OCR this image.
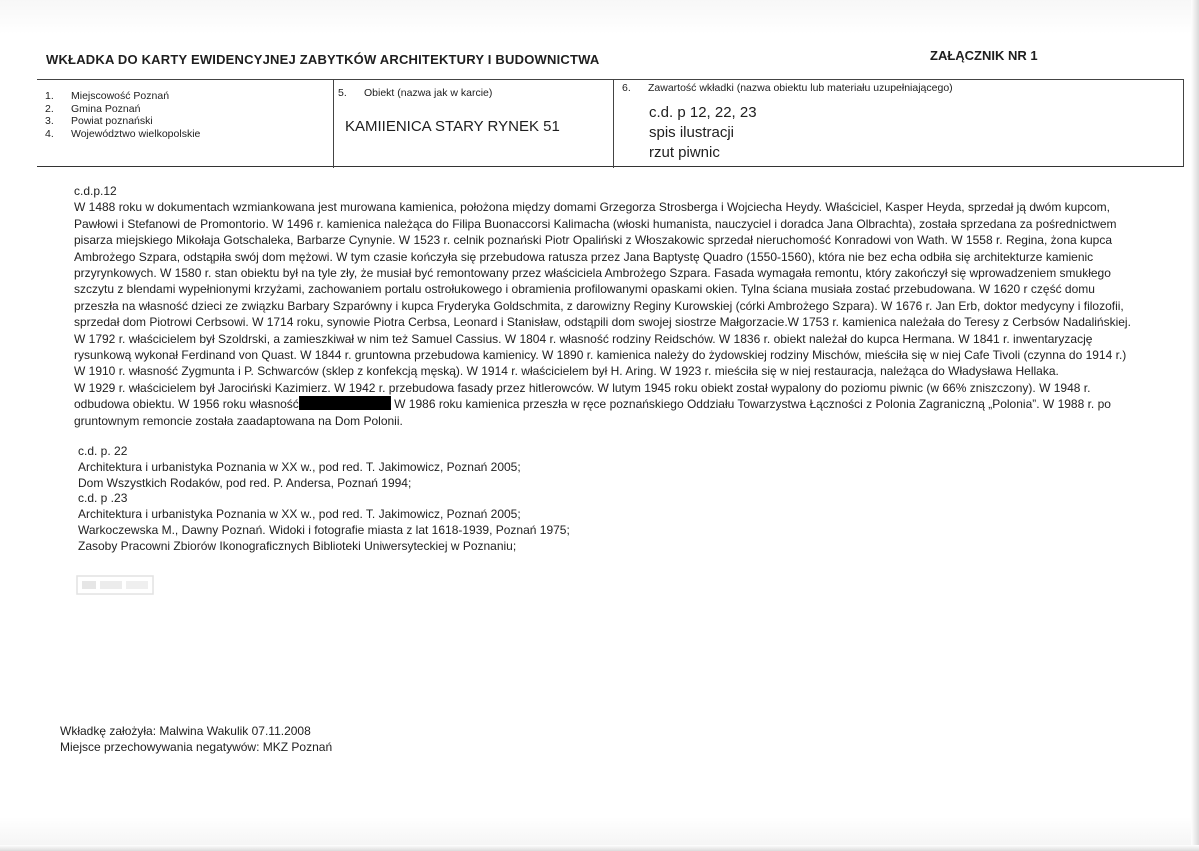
WKŁADKA DO KARTY EWIDENCYJNEJ ZABYTKÓW ARCHITEKTURY I BUDOWNICTWA	ZAŁĄCZNIK NR 1
1. Miejscowość Poznań
2. Gmina Poznań
3. Powiat poznański
4. Województwo wielkopolskie
5. Obiekt (nazwa jak w karcie)
KAMIIENICA STARY RYNEK 51
6. Zawartość wkładki (nazwa obiektu lub materiału uzupełniającego)
c.d. p 12, 22, 23
spis ilustracji
rzut piwnic
c.d.p.12
W 1488 roku w dokumentach wzmiankowana jest murowana kamienica, położona między domami Grzegorza Strosberga i Wojciecha Heydy. Właściciel, Kasper Heyda, sprzedał ją dwóm kupcom,
Pawłowi i Stefanowi de Promontorio. W 1496 r. kamienica należąca do Filipa Buonaccorsi Kalimacha (włoski humanista, nauczyciel i doradca Jana Olbrachta), została sprzedana za pośrednictwem
pisarza miejskiego Mikołaja Gotschaleka, Barbarze Cynynie. W 1523 r. celnik poznański Piotr Opaliński z Włoszakowic sprzedał nieruchomość Konradowi von Wath. W 1558 r. Regina, żona kupca
Ambrożego Szpara, odstąpiła swój dom mężowi. W tym czasie kończyła się przebudowa ratusza przez Jana Baptystę Quadro (1550-1560), która nie bez echa odbiła się architekturze kamienic
przyrynkowych. W 1580 r. stan obiektu był na tyle zły, że musiał być remontowany przez właściciela Ambrożego Szpara. Fasada wymagała remontu, który zakończył się wprowadzeniem smukłego
szczytu z blendami wypełnionymi krzyżami, zachowaniem portalu ostrołukowego i obramienia profilowanymi opaskami okien. Tylna ściana musiała zostać przebudowana. W 1620 r część domu
przeszła na własność dzieci ze związku Barbary Szparówny i kupca Fryderyka Goldschmita, z darowizny Reginy Kurowskiej (córki Ambrożego Szpara). W 1676 r. Jan Erb, doktor medycyny i filozofii,
sprzedał dom Piotrowi Cerbsowi. W 1714 roku, synowie Piotra Cerbsa, Leonard i Stanisław, odstąpili dom swojej siostrze Małgorzacie.W 1753 r. kamienica należała do Teresy z Cerbsów Nadalińskiej.
W 1792 r. właścicielem był Szoldrski, a zamieszkiwał w nim też Samuel Cassius. W 1804 r. własność rodziny Reidschów. W 1836 r. obiekt należał do kupca Hermana. W 1841 r. inwentaryzację
rysunkową wykonał Ferdinand von Quast. W 1844 r. gruntowna przebudowa kamienicy. W 1890 r. kamienica należy do żydowskiej rodziny Mischów, mieściła się w niej Cafe Tivoli (czynna do 1914 r.)
W 1910 r. własność Zygmunta i P. Schwarców (sklep z konfekcją męską). W 1914 r. właścicielem był H. Aring. W 1923 r. mieściła się w niej restauracja, należąca do Władysława Hellaka.
W 1929 r. właścicielem był Jarociński Kazimierz. W 1942 r. przebudowa fasady przez hitlerowców. W lutym 1945 roku obiekt został wypalony do poziomu piwnic (w 66% zniszczony). W 1948 r.
odbudowa obiektu. W 1956 roku własność	W 1986 roku kamienica przeszła w ręce poznańskiego Oddziału Towarzystwa Łączności z Polonia Zagraniczną „Polonia”. W 1988 r. po
gruntownym remoncie została zaadaptowana na Dom Polonii.
c.d. p. 22
Architektura i urbanistyka Poznania w XX w., pod red. T. Jakimowicz, Poznań 2005;
Dom Wszystkich Rodaków, pod red. P. Andersa, Poznań 1994;
c.d. p .23
Architektura i urbanistyka Poznania w XX w., pod red. T. Jakimowicz, Poznań 2005;
Warkoczewska M., Dawny Poznań. Widoki i fotografie miasta z lat 1618-1939, Poznań 1975;
Zasoby Pracowni Zbiorów Ikonograficznych Biblioteki Uniwersyteckiej w Poznaniu;
Wkładkę założyła: Malwina Wakulik 07.11.2008
Miejsce przechowywania negatywów: MKZ Poznań
